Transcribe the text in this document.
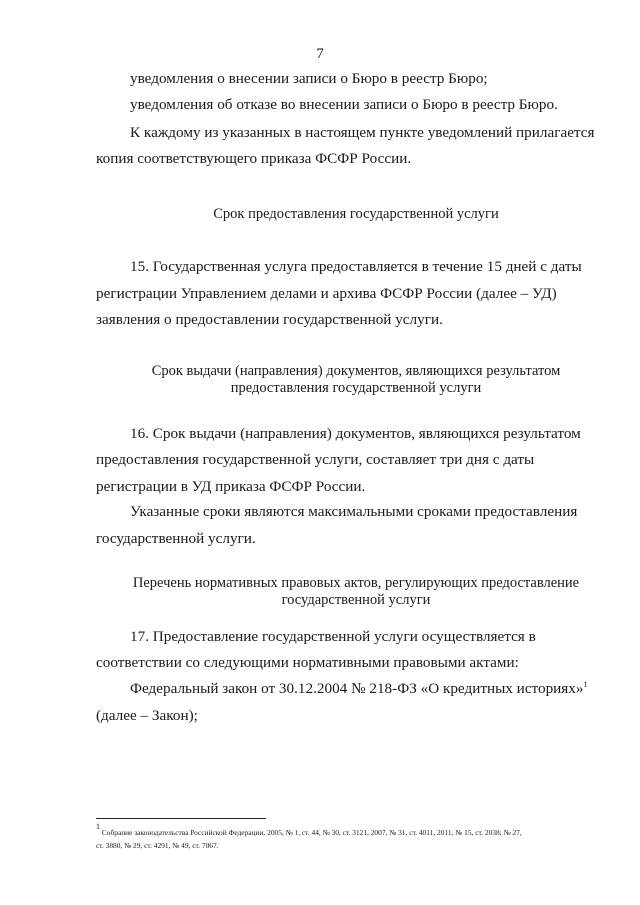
7
уведомления о внесении записи о Бюро в реестр Бюро;
уведомления об отказе во внесении записи о Бюро в реестр Бюро.
К каждому из указанных в настоящем пункте уведомлений прилагается
копия соответствующего приказа ФСФР России.
Срок предоставления государственной услуги
15. Государственная услуга предоставляется в течение 15 дней с даты
регистрации Управлением делами и архива ФСФР России (далее – УД)
заявления о предоставлении государственной услуги.
Срок выдачи (направления) документов, являющихся результатом
предоставления государственной услуги
16. Срок выдачи (направления) документов, являющихся результатом
предоставления государственной услуги, составляет три дня с даты
регистрации в УД приказа ФСФР России.
Указанные сроки являются максимальными сроками предоставления
государственной услуги.
Перечень нормативных правовых актов, регулирующих предоставление
государственной услуги
17. Предоставление государственной услуги осуществляется в
соответствии со следующими нормативными правовыми актами:
Федеральный закон от 30.12.2004 № 218-ФЗ «О кредитных историях»$^1$
(далее – Закон);
$^1$ Собрание законодательства Российской Федерации, 2005, № 1, ст. 44, № 30, ст. 3121, 2007, № 31, ст. 4011, 2011, № 15, ст. 2038; № 27,
ст. 3880, № 29, ст. 4291, № 49, ст. 7067.
